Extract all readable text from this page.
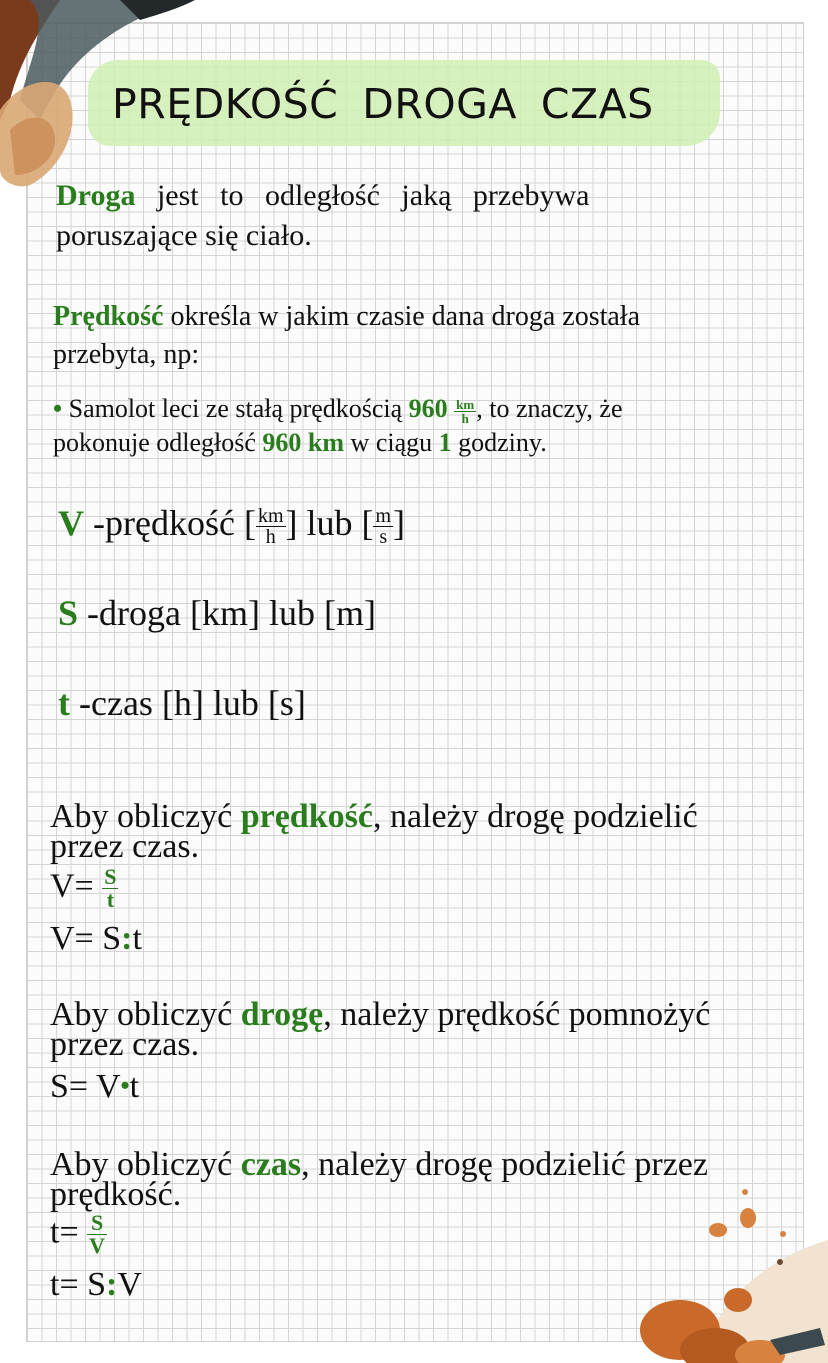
PRĘDKOŚĆ DROGA CZAS
Droga jest to odległość jaką przebywa
poruszające się ciało.
Prędkość określa w jakim czasie dana droga została
przebyta, np:
• Samolot leci ze stałą prędkością $960 \frac{km}{h}$ , to znaczy, że
pokonuje odległość 960 km w ciągu 1 godziny.
V -prędkość [ $\frac{km}{h}$ ] lub [ $\frac{m}{s}$ ]
S -droga [km] lub [m]
t -czas [h] lub [s]
Aby obliczyć prędkość, należy drogę podzielić
przez czas.
$V= \frac{S}{t}$
V= S:t
Aby obliczyć drogę, należy prędkość pomnożyć
przez czas.
S= V•t
Aby obliczyć czas, należy drogę podzielić przez
prędkość.
$t= \frac{S}{V}$
t= S:V
